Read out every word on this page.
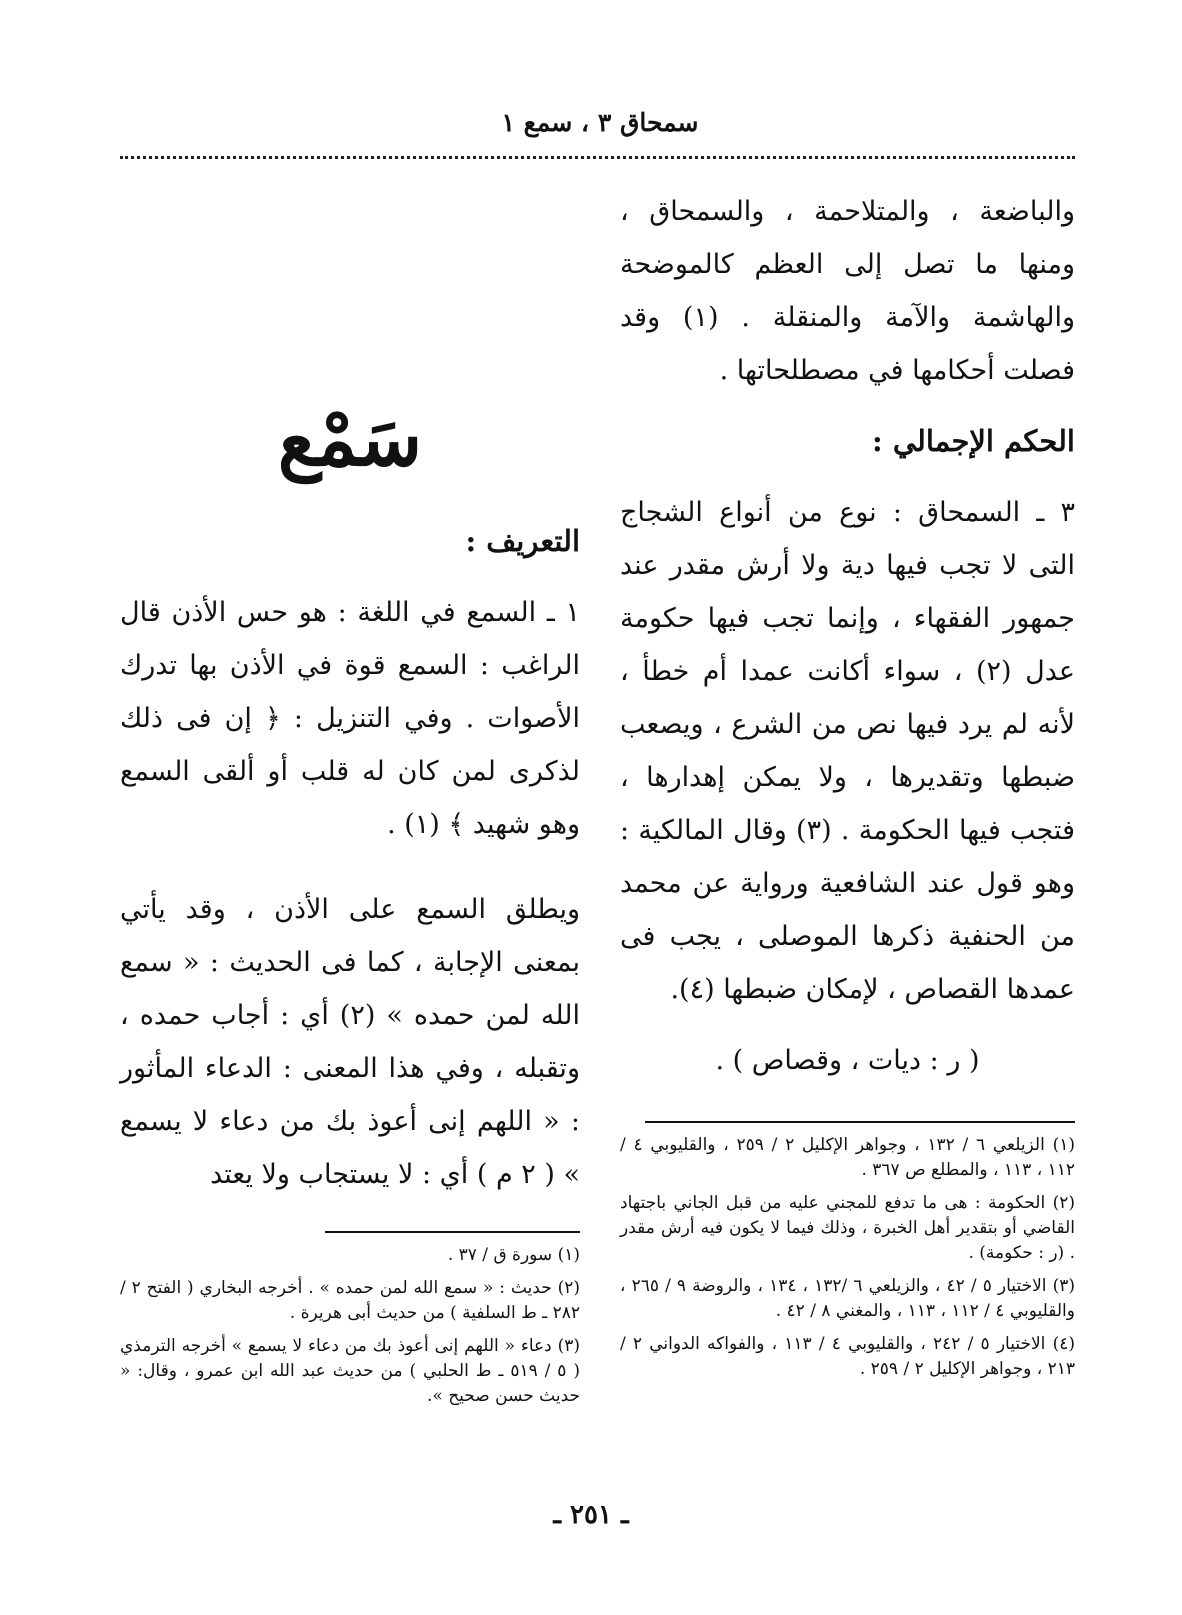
سمحاق ٣ ، سمع ١

والباضعة ، والمتلاحمة ، والسمحاق ، ومنها ما تصل إلى العظم كالموضحة والهاشمة والآمة والمنقلة . (١) وقد فصلت أحكامها في مصطلحاتها .

الحكم الإجمالي :

٣ ـ السمحاق : نوع من أنواع الشجاج التى لا تجب فيها دية ولا أرش مقدر عند جمهور الفقهاء ، وإنما تجب فيها حكومة عدل (٢) ، سواء أكانت عمدا أم خطأ ، لأنه لم يرد فيها نص من الشرع ، ويصعب ضبطها وتقديرها ، ولا يمكن إهدارها ، فتجب فيها الحكومة . (٣) وقال المالكية : وهو قول عند الشافعية ورواية عن محمد من الحنفية ذكرها الموصلى ، يجب فى عمدها القصاص ، لإمكان ضبطها (٤).

( ر : ديات ، وقصاص ) .

(١) الزيلعي ٦ / ١٣٢ ، وجواهر الإكليل ٢ / ٢٥٩ ، والقليوبي ٤ / ١١٢ ، ١١٣ ، والمطلع ص ٣٦٧ .

(٢) الحكومة : هى ما تدفع للمجني عليه من قبل الجاني باجتهاد القاضي أو بتقدير أهل الخبرة ، وذلك فيما لا يكون فيه أرش مقدر . (ر : حكومة) .

(٣) الاختيار ٥ / ٤٢ ، والزيلعي ٦ /١٣٢ ، ١٣٤ ، والروضة ٩ / ٢٦٥ ، والقليوبي ٤ / ١١٢ ، ١١٣ ، والمغني ٨ / ٤٢ .

(٤) الاختيار ٥ / ٢٤٢ ، والقليوبي ٤ / ١١٣ ، والفواكه الدواني ٢ / ٢١٣ ، وجواهر الإكليل ٢ / ٢٥٩ .

سَمْع

التعريف :

١ ـ السمع في اللغة : هو حس الأذن قال الراغب : السمع قوة في الأذن بها تدرك الأصوات . وفي التنزيل : ﴿ إن فى ذلك لذكرى لمن كان له قلب أو ألقى السمع وهو شهيد ﴾ (١) .

ويطلق السمع على الأذن ، وقد يأتي بمعنى الإجابة ، كما فى الحديث : « سمع الله لمن حمده » (٢) أي : أجاب حمده ، وتقبله ، وفي هذا المعنى : الدعاء المأثور : « اللهم إنى أعوذ بك من دعاء لا يسمع » ( ٢ م ) أي : لا يستجاب ولا يعتد

(١) سورة ق / ٣٧ .

(٢) حديث : « سمع الله لمن حمده » . أخرجه البخاري ( الفتح ٢ / ٢٨٢ ـ ط السلفية ) من حديث أبى هريرة .

(٣) دعاء « اللهم إنى أعوذ بك من دعاء لا يسمع » أخرجه الترمذي ( ٥ / ٥١٩ ـ ط الحلبي ) من حديث عبد الله ابن عمرو ، وقال: « حديث حسن صحيح ».

ـ ٢٥١ ـ
